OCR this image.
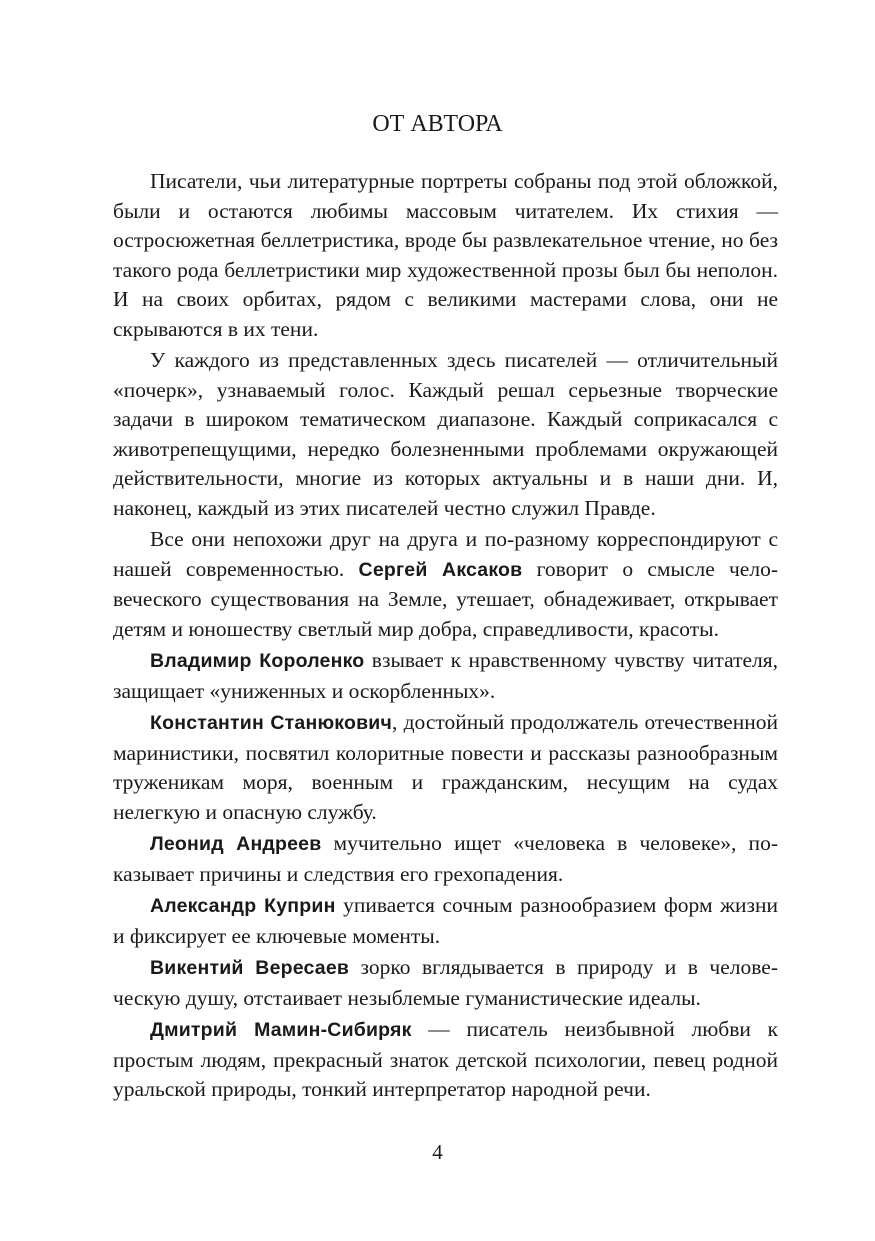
ОТ АВТОРА

Писатели, чьи литературные портреты собраны под этой обложкой, были и остаются любимы массовым читателем. Их стихия — остросюжетная беллетристика, вроде бы развлекательное чтение, но без такого рода беллетристики мир художественной прозы был бы неполон. И на своих орбитах, рядом с великими мастерами слова, они не скрываются в их тени.

У каждого из представленных здесь писателей — отличительный «почерк», узнаваемый голос. Каждый решал серьезные творческие задачи в широком тематическом диапазоне. Каждый соприкасался с животрепещущими, нередко болезненными проблемами окружающей действительности, многие из которых актуальны и в наши дни. И, наконец, каждый из этих писателей честно служил Правде.

Все они непохожи друг на друга и по-разному корреспондируют с нашей современностью. Сергей Аксаков говорит о смысле человеческого существования на Земле, утешает, обнадеживает, открывает детям и юношеству светлый мир добра, справедливости, красоты.

Владимир Короленко взывает к нравственному чувству читателя, защищает «униженных и оскорбленных».

Константин Станюкович, достойный продолжатель отечественной маринистики, посвятил колоритные повести и рассказы разнообразным труженикам моря, военным и гражданским, несущим на судах нелегкую и опасную службу.

Леонид Андреев мучительно ищет «человека в человеке», показывает причины и следствия его грехопадения.

Александр Куприн упивается сочным разнообразием форм жизни и фиксирует ее ключевые моменты.

Викентий Вересаев зорко вглядывается в природу и в человеческую душу, отстаивает незыблемые гуманистические идеалы.

Дмитрий Мамин-Сибиряк — писатель неизбывной любви к простым людям, прекрасный знаток детской психологии, певец родной уральской природы, тонкий интерпретатор народной речи.

4
